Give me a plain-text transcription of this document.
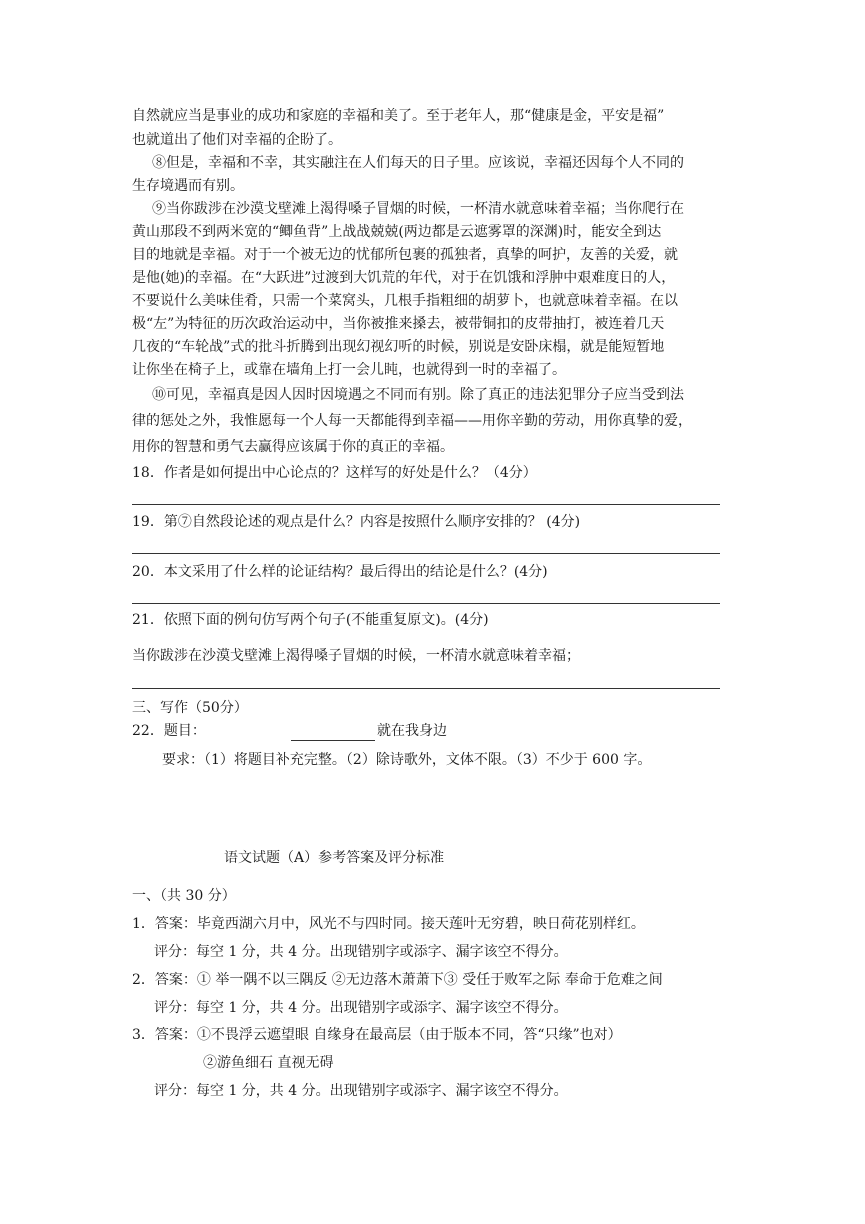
自然就应当是事业的成功和家庭的幸福和美了。至于老年人，那“健康是金，平安是福”
也就道出了他们对幸福的企盼了。
⑧但是，幸福和不幸，其实融注在人们每天的日子里。应该说，幸福还因每个人不同的
生存境遇而有别。
⑨当你跋涉在沙漠戈壁滩上渴得嗓子冒烟的时候，一杯清水就意味着幸福；当你爬行在
黄山那段不到两米宽的“鲫鱼背”上战战兢兢(两边都是云遮雾罩的深渊)时，能安全到达
目的地就是幸福。对于一个被无边的忧郁所包裹的孤独者，真挚的呵护，友善的关爱，就
是他(她)的幸福。在“大跃进”过渡到大饥荒的年代，对于在饥饿和浮肿中艰难度日的人，
不要说什么美味佳肴，只需一个菜窝头，几根手指粗细的胡萝卜，也就意味着幸福。在以
极“左”为特征的历次政治运动中，当你被推来搡去，被带铜扣的皮带抽打，被连着几天
几夜的“车轮战”式的批斗折腾到出现幻视幻听的时候，别说是安卧床榻，就是能短暂地
让你坐在椅子上，或靠在墙角上打一会儿盹，也就得到一时的幸福了。
⑩可见，幸福真是因人因时因境遇之不同而有别。除了真正的违法犯罪分子应当受到法
律的惩处之外，我惟愿每一个人每一天都能得到幸福——用你辛勤的劳动，用你真挚的爱，
用你的智慧和勇气去赢得应该属于你的真正的幸福。
18．作者是如何提出中心论点的？这样写的好处是什么？（4分）
19．第⑦自然段论述的观点是什么？内容是按照什么顺序安排的？ (4分)
20．本文采用了什么样的论证结构？最后得出的结论是什么？(4分)
21．依照下面的例句仿写两个句子(不能重复原文)。(4分)
当你跋涉在沙漠戈壁滩上渴得嗓子冒烟的时候，一杯清水就意味着幸福；
三、写作（50分）
22．题目：	就在我身边
要求：（1）将题目补充完整。（2）除诗歌外，文体不限。（3）不少于 600 字。
语文试题（A）参考答案及评分标准
一、（共 30 分）
1．答案：毕竟西湖六月中，风光不与四时同。接天莲叶无穷碧，映日荷花别样红。
评分：每空 1 分，共 4 分。出现错别字或添字、漏字该空不得分。
2．答案：① 举一隅不以三隅反 ②无边落木萧萧下③ 受任于败军之际 奉命于危难之间
评分：每空 1 分，共 4 分。出现错别字或添字、漏字该空不得分。
3．答案：①不畏浮云遮望眼 自缘身在最高层（由于版本不同，答“只缘”也对）
②游鱼细石 直视无碍
评分：每空 1 分，共 4 分。出现错别字或添字、漏字该空不得分。
